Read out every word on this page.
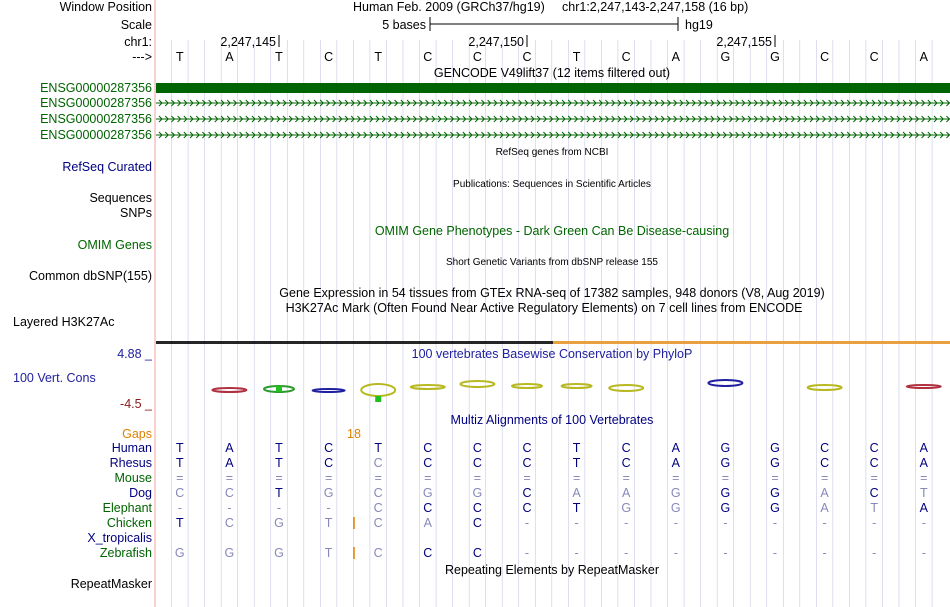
Window Position	Human Feb. 2009 (GRCh37/hg19) chr1:2,247,143-2,247,158 (16 bp)
Scale	5 bases	hg19
chr1:	2,247,145	2,247,150	2,247,155
---> T	A	T	C	T	C	C	C	T	C	A	G	G	C	C	A
GENCODE V49lift37 (12 items filtered out)
ENSG00000287356
ENSG00000287356
ENSG00000287356
ENSG00000287356
RefSeq Curated
RefSeq genes from NCBI
Sequences
Publications: Sequences in Scientific Articles
SNPs
OMIM Gene Phenotypes - Dark Green Can Be Disease-causing
OMIM Genes
Short Genetic Variants from dbSNP release 155
Common dbSNP(155)
Gene Expression in 54 tissues from GTEx RNA-seq of 17382 samples, 948 donors (V8, Aug 2019)
H3K27Ac Mark (Often Found Near Active Regulatory Elements) on 7 cell lines from ENCODE
Layered H3K27Ac
4.88 _	100 vertebrates Basewise Conservation by PhyloP
100 Vert. Cons
-4.5 _
Multiz Alignments of 100 Vertebrates
Gaps	18
Human T	A	T	C	T	C	C	C	T	C	A	G	G	C	C	A
Rhesus T	A	T	C	C	C	C	C	T	C	A	G	G	C	C	A
Mouse =	=	=	=	=	=	=	=	=	=	=	=	=	=	=	=
Dog C	C	T	G	C	G	G	C	A	A	G	G	G	A	C	T
Elephant -	-	-	-	C	C	C	C	T	G	G	G	G	A	T	A
Chicken T	C	G	T	C	A	C	-	-	-	-	-	-	-	-	-
X_tropicalis
Zebrafish G	G	G	T	C	C	C	-	-	-	-	-	-	-	-	-
Repeating Elements by RepeatMasker
RepeatMasker
